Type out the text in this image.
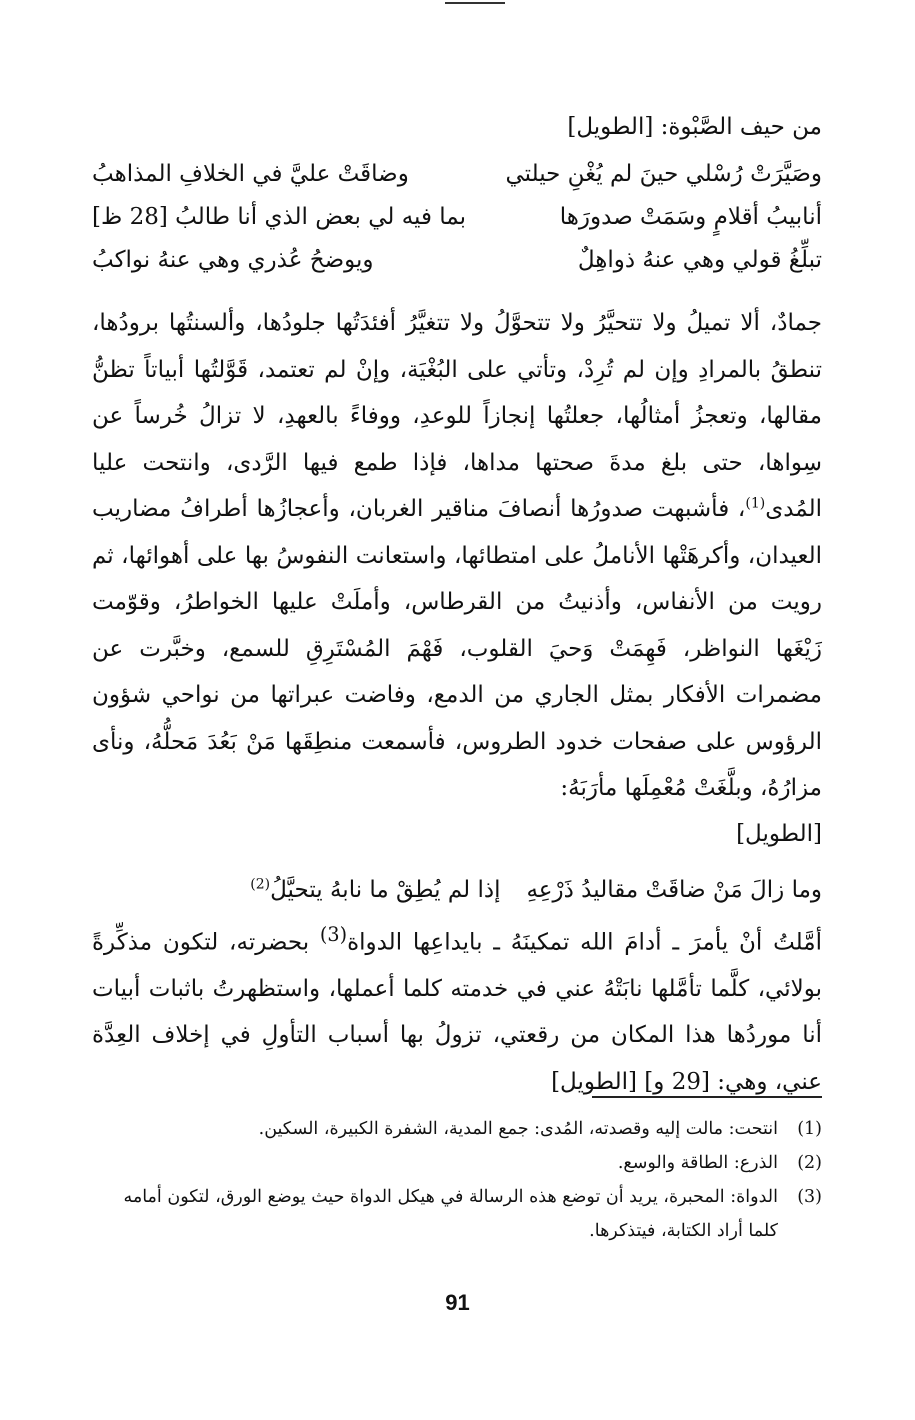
من حيف الصَّبْوة: [الطويل]
وصَيَّرَتْ رُسْلي حينَ لم يُغْنِ حيلتي
وضاقَتْ عليَّ في الخلافِ المذاهبُ
أنابيبُ أقلامٍ وسَمَتْ صدورَها
بما فيه لي بعض الذي أنا طالبُ [28 ظ]
تبلِّغُ قولي وهي عنهُ ذواهِلٌ
ويوضحُ عُذري وهي عنهُ نواكبُ
جمادٌ، ألا تميلُ ولا تتحيَّرُ ولا تتحوَّلُ ولا تتغيَّرُ أفئدَتُها جلودُها، وألسنتُها برودُها، تنطقُ بالمرادِ وإن لم تُرِدْ، وتأتي على البُغْيَة، وإنْ لم تعتمد، قَوَّلتُها أبياتاً تظنُّ مقالها، وتعجزُ أمثالُها، جعلتُها إنجازاً للوعدِ، ووفاءً بالعهدِ، لا تزالُ خُرساً عن سِواها، حتى بلغ مدةَ صحتها مداها، فإذا طمع فيها الرَّدى، وانتحت عليا المُدى$^{(1)}$، فأشبهت صدورُها أنصافَ مناقير الغربان، وأعجازُها أطرافُ مضاريب العيدان، وأكرهَتْها الأناملُ على امتطائها، واستعانت النفوسُ بها على أهوائها، ثم رويت من الأنفاس، وأذنيتُ من القرطاس، وأملَتْ عليها الخواطرُ، وقوّمت زَيْغَها النواظر، فَهِمَتْ وَحيَ القلوب، فَهْمَ المُسْتَرِقِ للسمع، وخبَّرت عن مضمرات الأفكار بمثل الجاري من الدمع، وفاضت عبراتها من نواحي شؤون الرؤوس على صفحات خدود الطروس، فأسمعت منطِقَها مَنْ بَعُدَ مَحلُّهُ، ونأى مزارُهُ، وبلَّغَتْ مُعْمِلَها مأرَبَهُ:
[الطويل]
وما زالَ مَنْ ضاقَتْ مقاليدُ ذَرْعِهِ
إذا لم يُطِقْ ما نابهُ يتحيَّلُ$^{(2)}$
أمَّلتُ أنْ يأمرَ ـ أدامَ الله تمكينَهُ ـ بايداعِها الدواة$^{(3)}$ بحضرته، لتكون مذكِّرةً بولائي، كلَّما تأمَّلها نابَتْهُ عني في خدمته كلما أعملها، واستظهرتُ باثبات أبيات أنا موردُها هذا المكان من رقعتي، تزولُ بها أسباب التأولِ في إخلاف العِدَّة عني، وهي: [29 و] [الطويل]
(1)
انتحت: مالت إليه وقصدته، المُدى: جمع المدية، الشفرة الكبيرة، السكين.
(2)
الذرع: الطاقة والوسع.
(3)
الدواة: المحبرة، يريد أن توضع هذه الرسالة في هيكل الدواة حيث يوضع الورق، لتكون أمامه كلما أراد الكتابة، فيتذكرها.
91
